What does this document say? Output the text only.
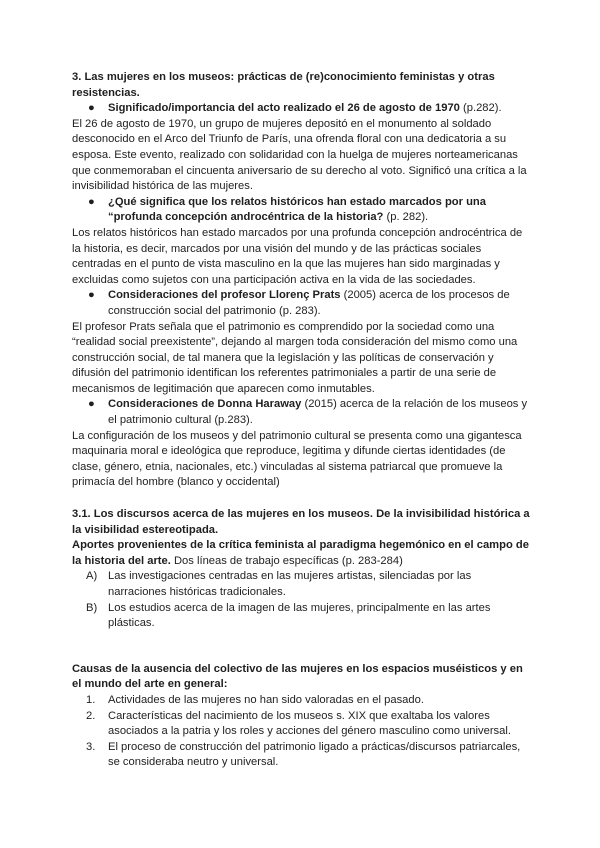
3. Las mujeres en los museos: prácticas de (re)conocimiento feministas y otras resistencias.

● Significado/importancia del acto realizado el 26 de agosto de 1970 (p.282).

El 26 de agosto de 1970, un grupo de mujeres depositó en el monumento al soldado desconocido en el Arco del Triunfo de París, una ofrenda floral con una dedicatoria a su esposa. Este evento, realizado con solidaridad con la huelga de mujeres norteamericanas que conmemoraban el cincuenta aniversario de su derecho al voto. Significó una crítica a la invisibilidad histórica de las mujeres.

● ¿Qué significa que los relatos históricos han estado marcados por una “profunda concepción androcéntrica de la historia? (p. 282).

Los relatos históricos han estado marcados por una profunda concepción androcéntrica de la historia, es decir, marcados por una visión del mundo y de las prácticas sociales centradas en el punto de vista masculino en la que las mujeres han sido marginadas y excluidas como sujetos con una participación activa en la vida de las sociedades.

● Consideraciones del profesor Llorenç Prats (2005) acerca de los procesos de construcción social del patrimonio (p. 283).

El profesor Prats señala que el patrimonio es comprendido por la sociedad como una “realidad social preexistente”, dejando al margen toda consideración del mismo como una construcción social, de tal manera que la legislación y las políticas de conservación y difusión del patrimonio identifican los referentes patrimoniales a partir de una serie de mecanismos de legitimación que aparecen como inmutables.

● Consideraciones de Donna Haraway (2015) acerca de la relación de los museos y el patrimonio cultural (p.283).

La configuración de los museos y del patrimonio cultural se presenta como una gigantesca maquinaria moral e ideológica que reproduce, legitima y difunde ciertas identidades (de clase, género, etnia, nacionales, etc.) vinculadas al sistema patriarcal que promueve la primacía del hombre (blanco y occidental)

3.1. Los discursos acerca de las mujeres en los museos. De la invisibilidad histórica a la visibilidad estereotipada.

Aportes provenientes de la crítica feminista al paradigma hegemónico en el campo de la historia del arte. Dos líneas de trabajo específicas (p. 283-284)

A) Las investigaciones centradas en las mujeres artistas, silenciadas por las narraciones históricas tradicionales.

B) Los estudios acerca de la imagen de las mujeres, principalmente en las artes plásticas.

Causas de la ausencia del colectivo de las mujeres en los espacios muséisticos y en el mundo del arte en general:

1. Actividades de las mujeres no han sido valoradas en el pasado.

2. Características del nacimiento de los museos s. XIX que exaltaba los valores asociados a la patria y los roles y acciones del género masculino como universal.

3. El proceso de construcción del patrimonio ligado a prácticas/discursos patriarcales, se consideraba neutro y universal.
